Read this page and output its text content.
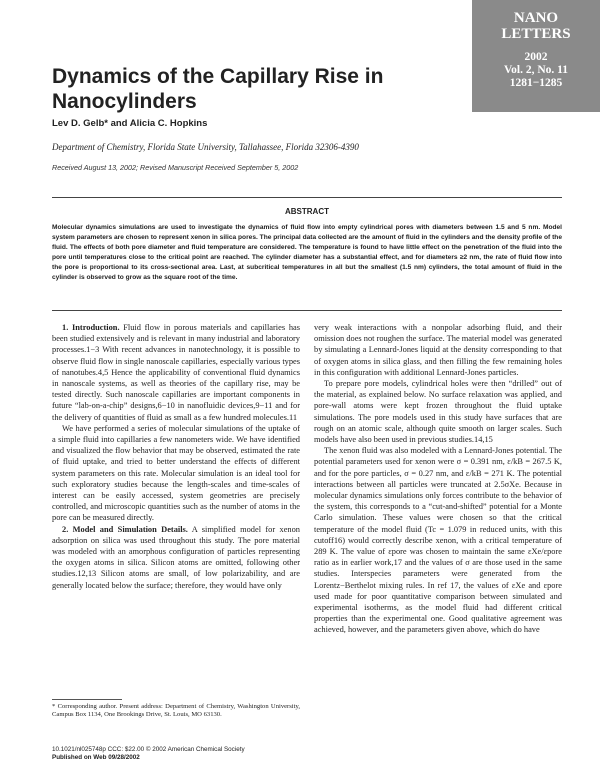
NANO
LETTERS
2002
Vol. 2, No. 11
1281−1285
Dynamics of the Capillary Rise in Nanocylinders
Lev D. Gelb* and Alicia C. Hopkins
Department of Chemistry, Florida State University, Tallahassee, Florida 32306-4390
Received August 13, 2002; Revised Manuscript Received September 5, 2002
ABSTRACT
Molecular dynamics simulations are used to investigate the dynamics of fluid flow into empty cylindrical pores with diameters between 1.5 and 5 nm. Model system parameters are chosen to represent xenon in silica pores. The principal data collected are the amount of fluid in the cylinders and the density profile of the fluid. The effects of both pore diameter and fluid temperature are considered. The temperature is found to have little effect on the penetration of the fluid into the pore until temperatures close to the critical point are reached. The cylinder diameter has a substantial effect, and for diameters ≥2 nm, the rate of fluid flow into the pore is proportional to its cross-sectional area. Last, at subcritical temperatures in all but the smallest (1.5 nm) cylinders, the total amount of fluid in the cylinder is observed to grow as the square root of the time.

1. Introduction. Fluid flow in porous materials and capillaries has been studied extensively and is relevant in many industrial and laboratory processes.1−3 With recent advances in nanotechnology, it is possible to observe fluid flow in single nanoscale capillaries, especially various types of nanotubes.4,5 Hence the applicability of conventional fluid dynamics in nanoscale systems, as well as theories of the capillary rise, may be tested directly. Such nanoscale capillaries are important components in future “lab-on-a-chip” designs,6−10 in nanofluidic devices,9−11 and for the delivery of quantities of fluid as small as a few hundred molecules.11

We have performed a series of molecular simulations of the uptake of a simple fluid into capillaries a few nanometers wide. We have identified and visualized the flow behavior that may be observed, estimated the rate of fluid uptake, and tried to better understand the effects of different system parameters on this rate. Molecular simulation is an ideal tool for such exploratory studies because the length-scales and time-scales of interest can be easily accessed, system geometries are precisely controlled, and microscopic quantities such as the number of atoms in the pore can be measured directly.

2. Model and Simulation Details. A simplified model for xenon adsorption on silica was used throughout this study. The pore material was modeled with an amorphous configuration of particles representing the oxygen atoms in silica. Silicon atoms are omitted, following other studies.12,13 Silicon atoms are small, of low polarizability, and are generally located below the surface; therefore, they would have only

very weak interactions with a nonpolar adsorbing fluid, and their omission does not roughen the surface. The material model was generated by simulating a Lennard-Jones liquid at the density corresponding to that of oxygen atoms in silica glass, and then filling the few remaining holes in this configuration with additional Lennard-Jones particles.

To prepare pore models, cylindrical holes were then “drilled” out of the material, as explained below. No surface relaxation was applied, and pore-wall atoms were kept frozen throughout the fluid uptake simulations. The pore models used in this study have surfaces that are rough on an atomic scale, although quite smooth on larger scales. Such models have also been used in previous studies.14,15

The xenon fluid was also modeled with a Lennard-Jones potential. The potential parameters used for xenon were σ = 0.391 nm, ε/kB = 267.5 K, and for the pore particles, σ = 0.27 nm, and ε/kB = 271 K. The potential interactions between all particles were truncated at 2.5σXe. Because in molecular dynamics simulations only forces contribute to the behavior of the system, this corresponds to a “cut-and-shifted” potential for a Monte Carlo simulation. These values were chosen so that the critical temperature of the model fluid (Tc = 1.079 in reduced units, with this cutoff16) would correctly describe xenon, with a critical temperature of 289 K. The value of εpore was chosen to maintain the same εXe/εpore ratio as in earlier work,17 and the values of σ are those used in the same studies. Interspecies parameters were generated from the Lorentz−Berthelot mixing rules. In ref 17, the values of εXe and εpore used made for poor quantitative comparison between simulated and experimental isotherms, as the model fluid had different critical properties than the experimental one. Good qualitative agreement was achieved, however, and the parameters given above, which do have

* Corresponding author. Present address: Department of Chemistry, Washington University, Campus Box 1134, One Brookings Drive, St. Louis, MO 63130.
10.1021/nl025748p CCC: $22.00 © 2002 American Chemical Society
Published on Web 09/28/2002
